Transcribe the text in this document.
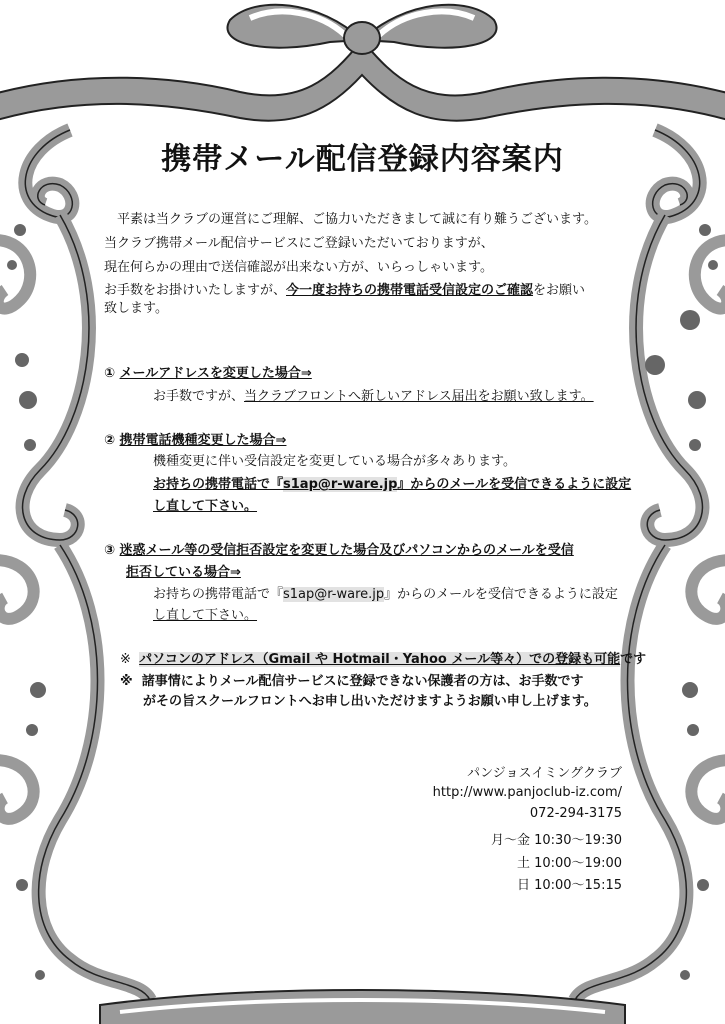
携帯メール配信登録内容案内
平素は当クラブの運営にご理解、ご協力いただきまして誠に有り難うございます。
当クラブ携帯メール配信サービスにご登録いただいておりますが、
現在何らかの理由で送信確認が出来ない方が、いらっしゃいます。
お手数をお掛けいたしますが、今一度お持ちの携帯電話受信設定のご確認をお願い
致します。
① メールアドレスを変更した場合⇒
お手数ですが、当クラブフロントへ新しいアドレス届出をお願い致します。
② 携帯電話機種変更した場合⇒
機種変更に伴い受信設定を変更している場合が多々あります。
お持ちの携帯電話で『s1ap@r-ware.jp』からのメールを受信できるように設定
し直して下さい。
③ 迷惑メール等の受信拒否設定を変更した場合及びパソコンからのメールを受信
拒否している場合⇒
お持ちの携帯電話で『s1ap@r-ware.jp』からのメールを受信できるように設定
し直して下さい。
※ パソコンのアドレス（Gmail や Hotmail・Yahoo メール等々）での登録も可能です
※ 諸事情によりメール配信サービスに登録できない保護者の方は、お手数です
がその旨スクールフロントへお申し出いただけますようお願い申し上げます。
パンジョスイミングクラブ
http://www.panjoclub-iz.com/
072-294-3175
月～金 10:30～19:30
土 10:00～19:00
日 10:00～15:15
